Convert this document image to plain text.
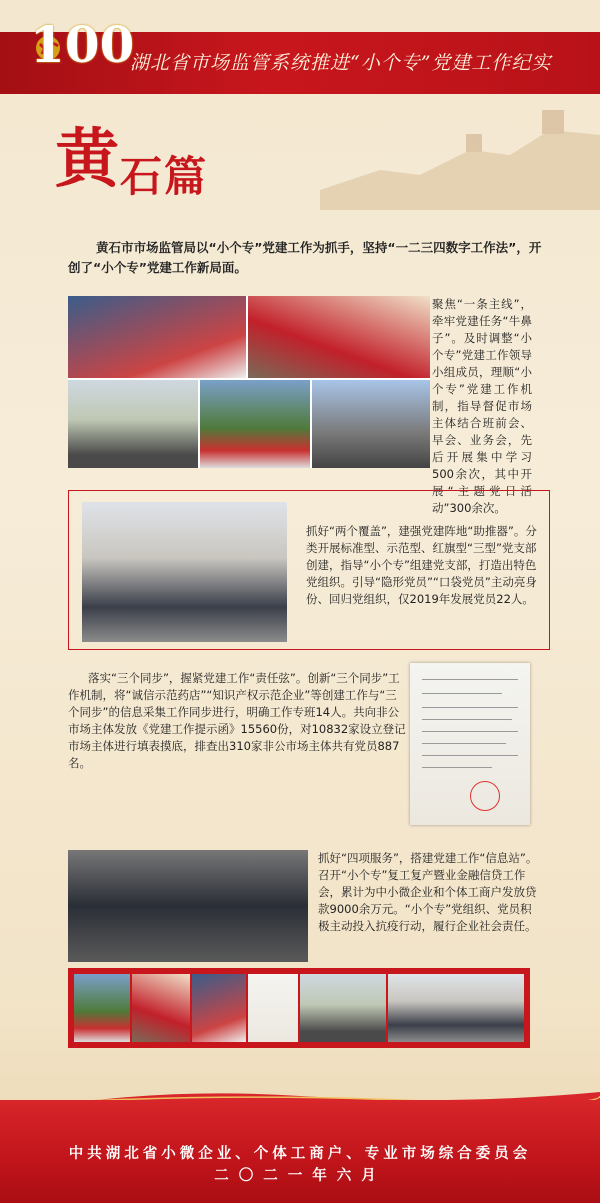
100
湖北省市场监管系统推进“小个专”党建工作纪实
黄 石篇
黄石市市场监管局以“小个专”党建工作为抓手，坚持“一二三四数字工作法”，开创了“小个专”党建工作新局面。
聚焦“一条主线”，牵牢党建任务“牛鼻子”。及时调整“小个专”党建工作领导小组成员，理顺“小个专”党建工作机制，指导督促市场主体结合班前会、早会、业务会，先后开展集中学习500余次，其中开展“主题党日活动”300余次。
抓好“两个覆盖”，建强党建阵地“助推器”。分类开展标准型、示范型、红旗型“三型”党支部创建，指导“小个专”组建党支部，打造出特色党组织。引导“隐形党员”“口袋党员”主动亮身份、回归党组织，仅2019年发展党员22人。
落实“三个同步”，握紧党建工作“责任弦”。创新“三个同步”工作机制，将“诚信示范药店”“知识产权示范企业”等创建工作与“三个同步”的信息采集工作同步进行，明确工作专班14人。共向非公市场主体发放《党建工作提示函》15560份，对10832家设立登记市场主体进行填表摸底，排查出310家非公市场主体共有党员887名。
抓好“四项服务”，搭建党建工作“信息站”。召开“小个专”复工复产暨业金融信贷工作会，累计为中小微企业和个体工商户发放贷款9000余万元。“小个专”党组织、党员积极主动投入抗疫行动，履行企业社会责任。
中共湖北省小微企业、个体工商户、专业市场综合委员会
二〇二一年六月
